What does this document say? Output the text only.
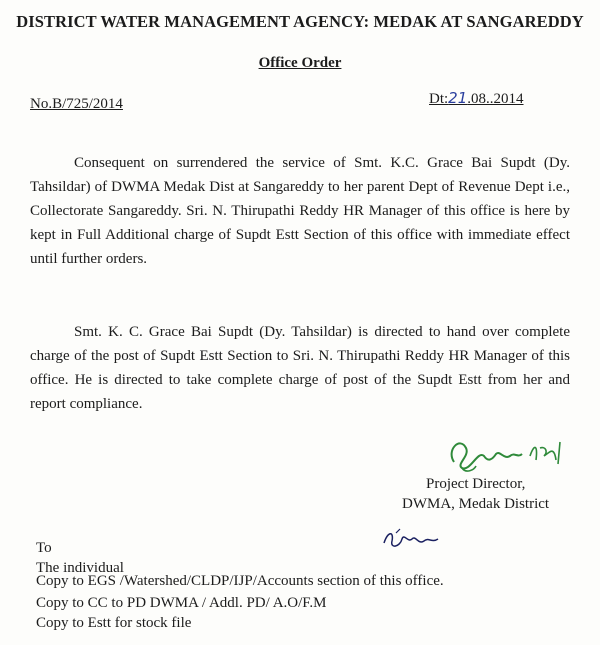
DISTRICT WATER MANAGEMENT AGENCY: MEDAK AT SANGAREDDY
Office Order
No.B/725/2014	Dt:21.08..2014

Consequent on surrendered the service of Smt. K.C. Grace Bai Supdt (Dy. Tahsildar) of DWMA Medak Dist at Sangareddy to her parent Dept of Revenue Dept i.e., Collectorate Sangareddy. Sri. N. Thirupathi Reddy HR Manager of this office is here by kept in Full Additional charge of Supdt Estt Section of this office with immediate effect until further orders.

Smt. K. C. Grace Bai Supdt (Dy. Tahsildar) is directed to hand over complete charge of the post of Supdt Estt Section to Sri. N. Thirupathi Reddy HR Manager of this office. He is directed to take complete charge of post of the Supdt Estt from her and report compliance.

Project Director,
DWMA, Medak District
To
The individual
Copy to EGS /Watershed/CLDP/IJP/Accounts section of this office.
Copy to CC to PD DWMA / Addl. PD/ A.O/F.M
Copy to Estt for stock file
